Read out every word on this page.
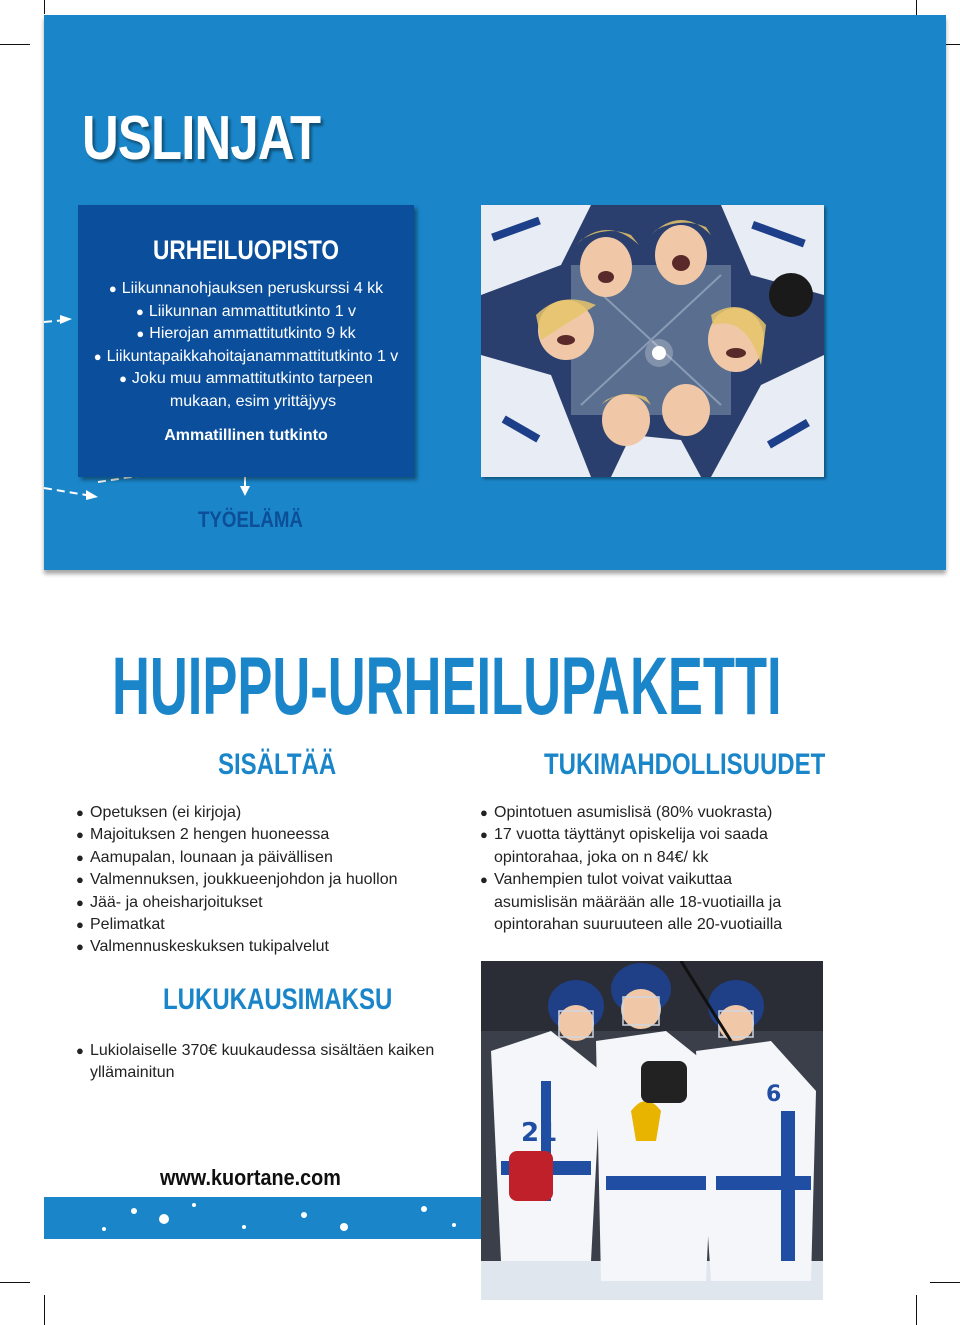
USLINJAT
URHEILUOPISTO
● Liikunnanohjauksen peruskurssi 4 kk
● Liikunnan ammattitutkinto 1 v
● Hierojan ammattitutkinto 9 kk
● Liikuntapaikkahoitajanammattitutkinto 1 v
● Joku muu ammattitutkinto tarpeen
mukaan, esim yrittäjyys
Ammatillinen tutkinto
TYÖELÄMÄ
HUIPPU-URHEILUPAKETTI
SISÄLTÄÄ
● Opetuksen (ei kirjoja)
● Majoituksen 2 hengen huoneessa
● Aamupalan, lounaan ja päivällisen
● Valmennuksen, joukkueenjohdon ja huollon
● Jää- ja oheisharjoitukset
● Pelimatkat
● Valmennuskeskuksen tukipalvelut
TUKIMAHDOLLISUUDET
● Opintotuen asumislisä (80% vuokrasta)
● 17 vuotta täyttänyt opiskelija voi saada
opintorahaa, joka on n 84€/ kk
● Vanhempien tulot voivat vaikuttaa
asumislisän määrään alle 18-vuotiailla ja
opintorahan suuruuteen alle 20-vuotiailla
LUKUKAUSIMAKSU
● Lukiolaiselle 370€ kuukaudessa sisältäen kaiken
yllämainitun
www.kuortane.com
21
6
